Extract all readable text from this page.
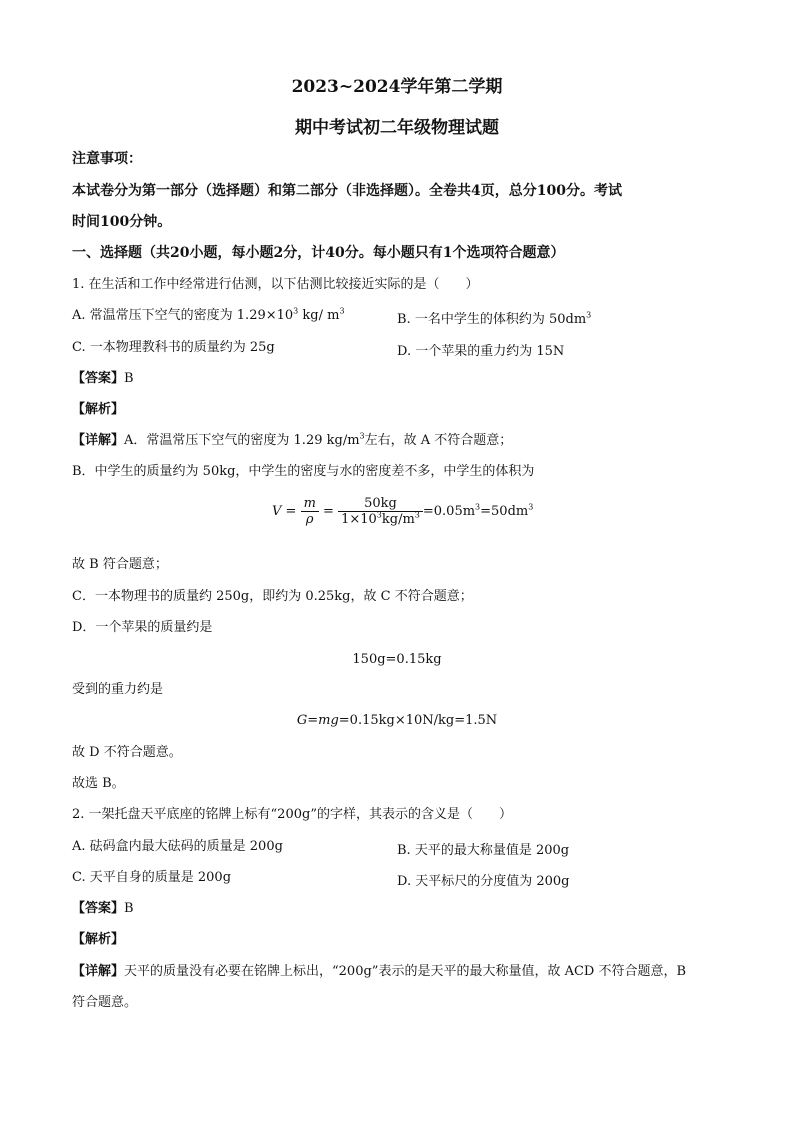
2023~2024学年第二学期
期中考试初二年级物理试题
注意事项：
本试卷分为第一部分（选择题）和第二部分（非选择题）。全卷共4页，总分100分。考试
时间100分钟。
一、选择题（共20小题，每小题2分，计40分。每小题只有1个选项符合题意）
1. 在生活和工作中经常进行估测，以下估测比较接近实际的是（　　）
A. 常温常压下空气的密度为 $1.29\times 10^3$ kg/ $m^3$
B. 一名中学生的体积约为 $50dm^3$
C. 一本物理教科书的质量约为 25g	D. 一个苹果的重力约为 15N
【答案】B
【解析】
【详解】A．常温常压下空气的密度为 1.29 $kg/m^3$左右，故 A 不符合题意；
B．中学生的质量约为 50kg，中学生的密度与水的密度差不多，中学生的体积为
$V = \frac{m}{\rho} = \frac{50kg}{1\times 10^3kg/m^3} =0.05m^3=50dm^3$
故 B 符合题意；
C．一本物理书的质量约 250g，即约为 0.25kg，故 C 不符合题意；
D．一个苹果的质量约是
150g=0.15kg
受到的重力约是
G=mg=0.15kg×10N/kg=1.5N
故 D 不符合题意。
故选 B。
2. 一架托盘天平底座的铭牌上标有“200g”的字样，其表示的含义是（　　）
A. 砝码盒内最大砝码的质量是 200g	B. 天平的最大称量值是 200g
C. 天平自身的质量是 200g	D. 天平标尺的分度值为 200g
【答案】B
【解析】
【详解】天平的质量没有必要在铭牌上标出，“200g”表示的是天平的最大称量值，故 ACD 不符合题意，B
符合题意。
